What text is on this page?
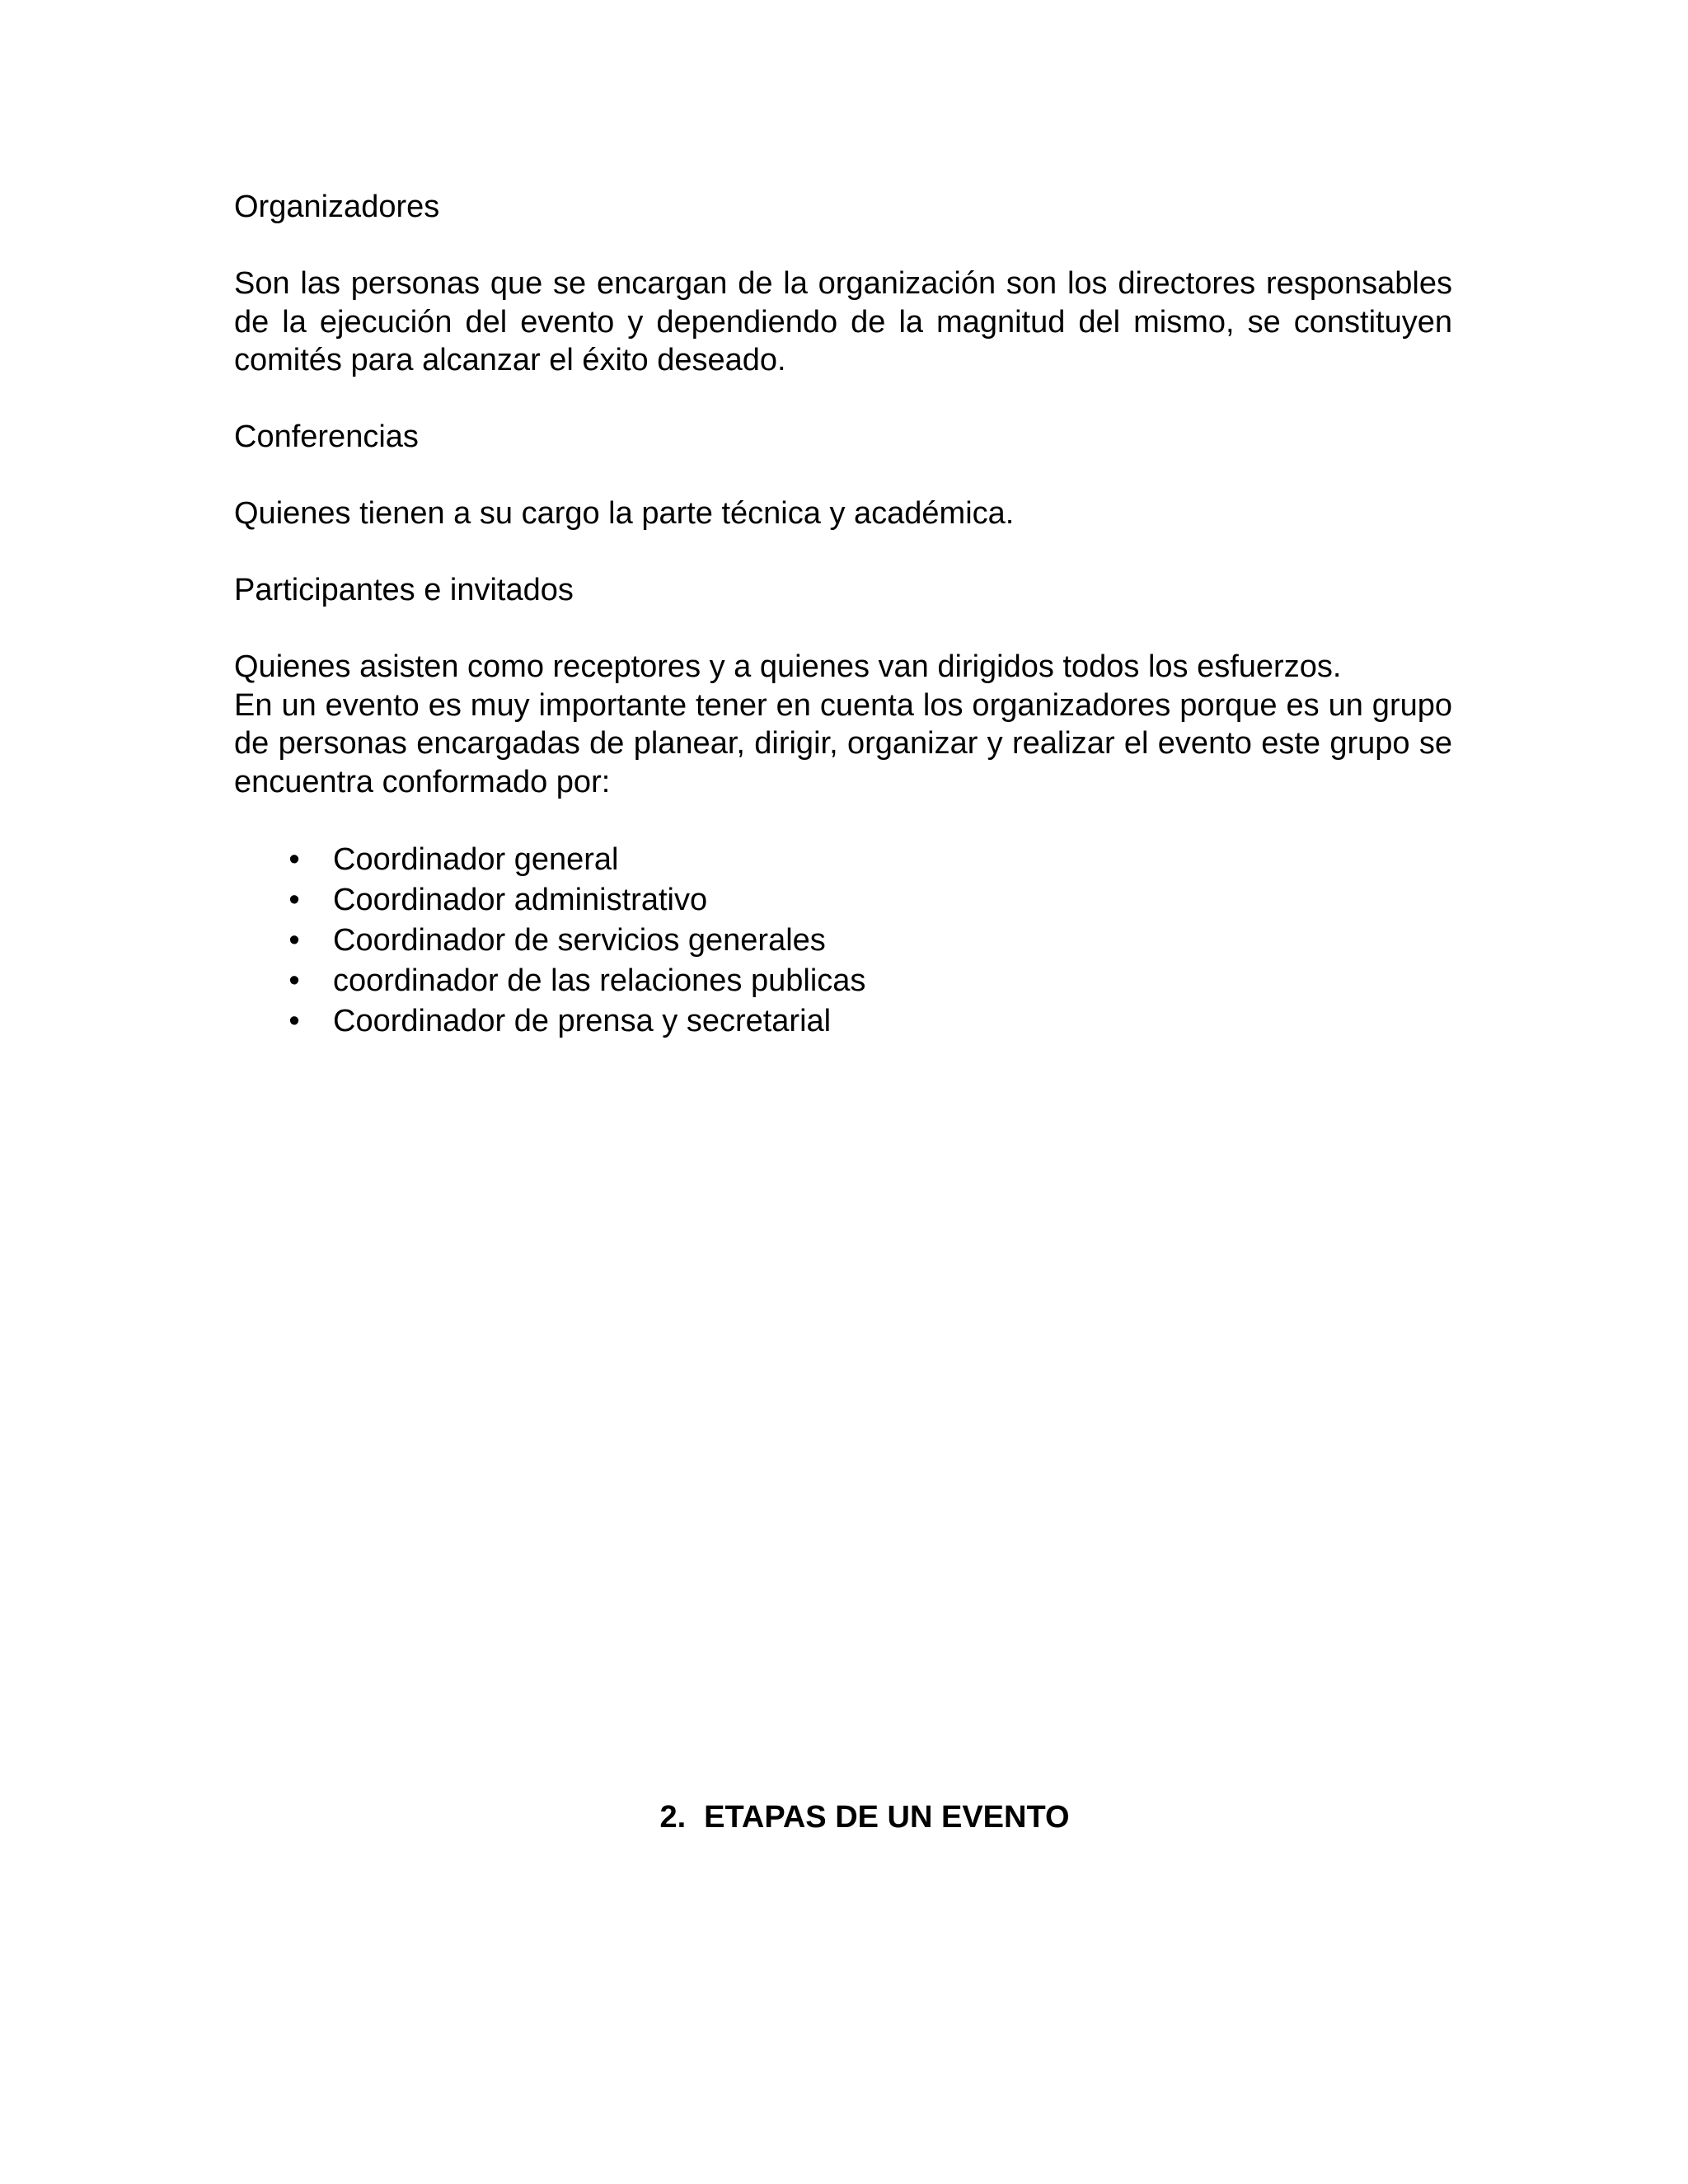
Organizadores

Son las personas que se encargan de la organización son los directores responsables de la ejecución del evento y dependiendo de la magnitud del mismo, se constituyen comités para alcanzar el éxito deseado.

Conferencias

Quienes tienen a su cargo la parte técnica y académica.

Participantes e invitados

Quienes asisten como receptores y a quienes van dirigidos todos los esfuerzos.

En un evento es muy importante tener en cuenta los organizadores porque es un grupo de personas encargadas de planear, dirigir, organizar y realizar el evento este grupo se encuentra conformado por:

• Coordinador general
• Coordinador administrativo
• Coordinador de servicios generales
• coordinador de las relaciones publicas
• Coordinador de prensa y secretarial
2. ETAPAS DE UN EVENTO
